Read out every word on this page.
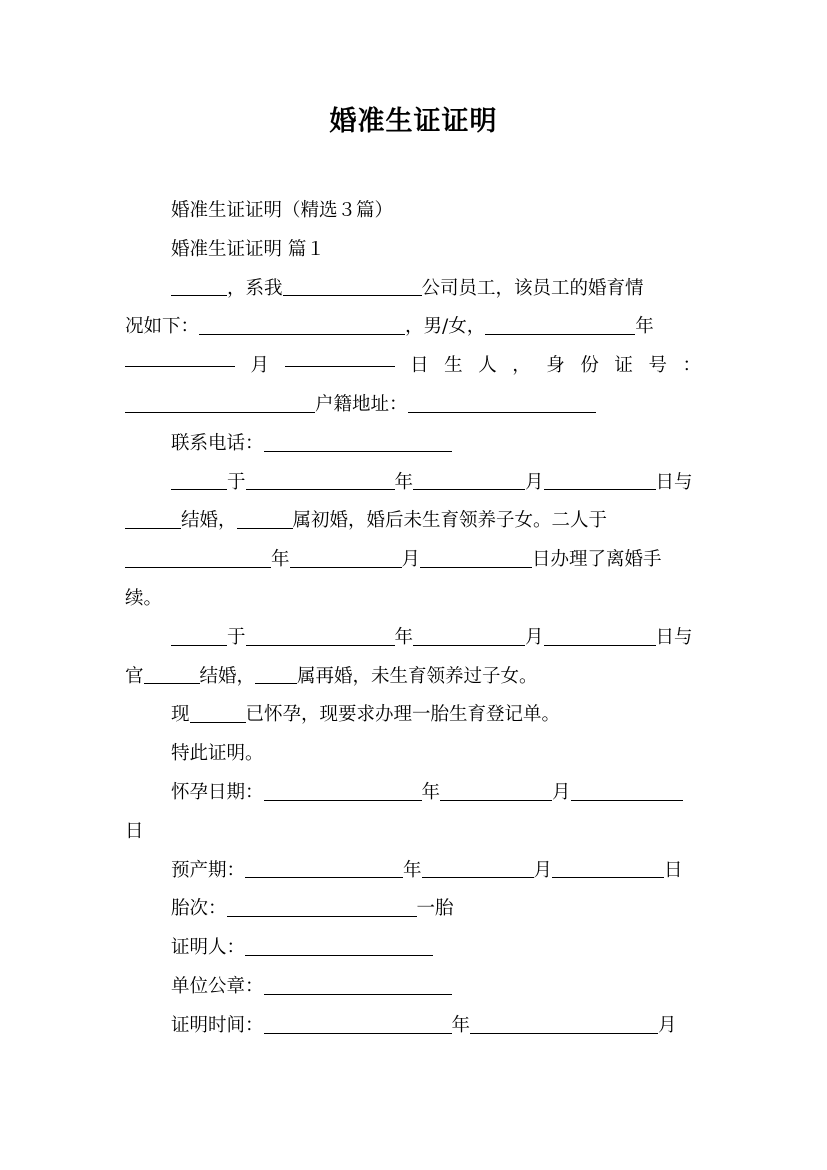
婚准生证证明
婚准生证证明（精选３篇）
婚准生证证明 篇１
，系我	公司员工，该员工的婚育情
况如下：	，男/女，	年
月	日 生 人 ， 身 份 证 号 ：
户籍地址：
联系电话：
于	年	月	日与
结婚，	属初婚，婚后未生育领养子女。二人于
年	月	日办理了离婚手
续。
于	年	月	日与
官	结婚， 属再婚，未生育领养过子女。
现	已怀孕，现要求办理一胎生育登记单。
特此证明。
怀孕日期：	年	月
日
预产期：	年	月	日
胎次：	一胎
证明人：
单位公章：
证明时间：	年	月
